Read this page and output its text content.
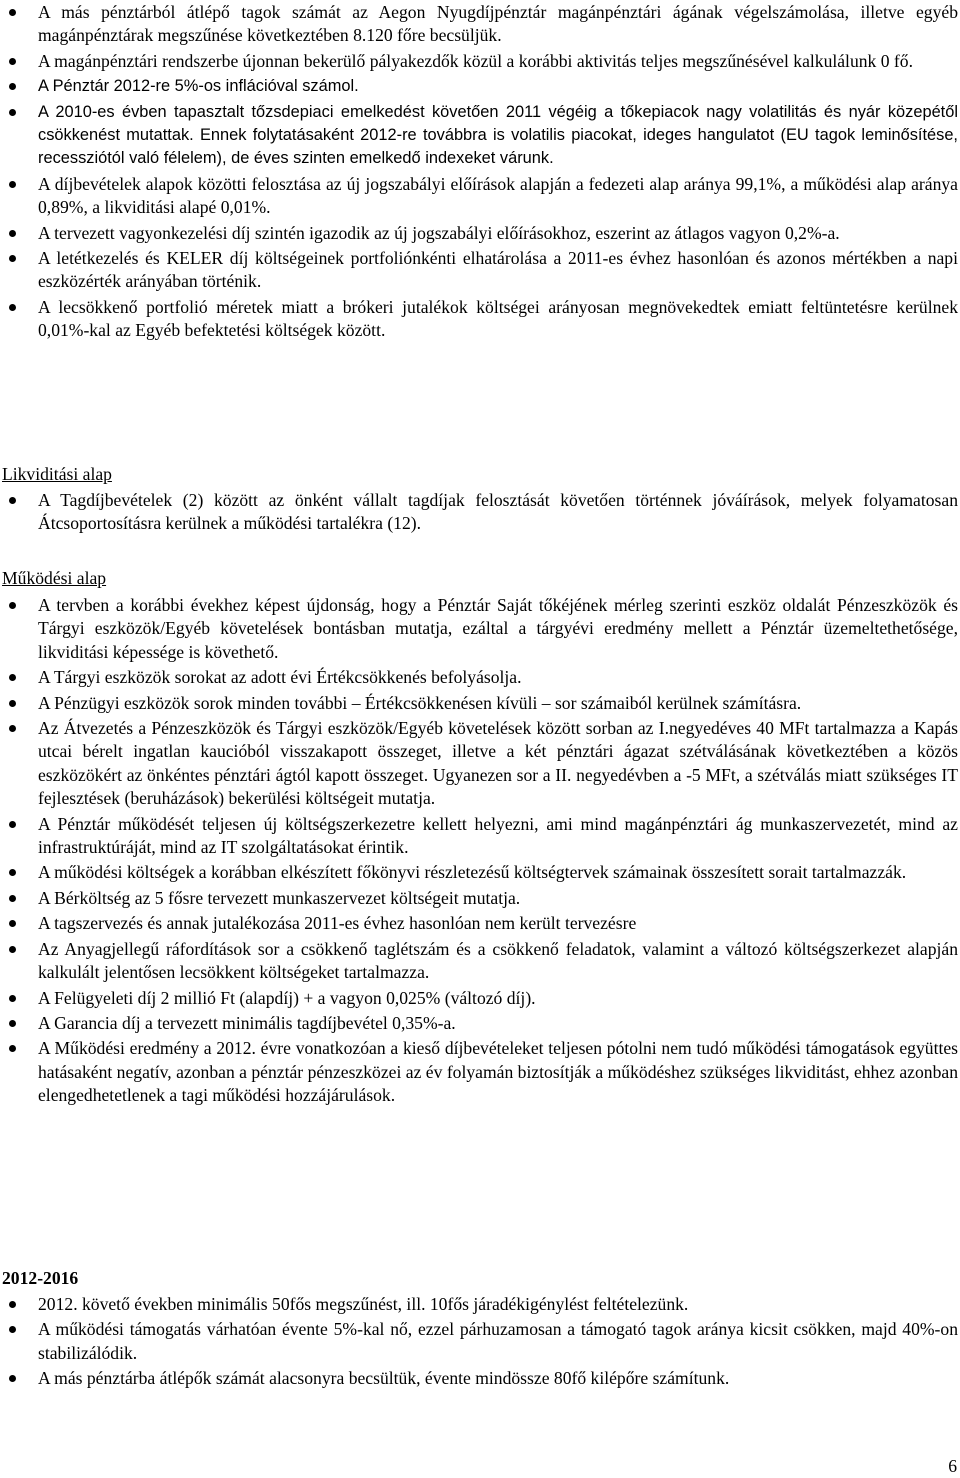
A más pénztárból átlépő tagok számát az Aegon Nyugdíjpénztár magánpénztári ágának végelszámolása, illetve egyéb magánpénztárak megszűnése következtében 8.120 főre becsüljük.
A magánpénztári rendszerbe újonnan bekerülő pályakezdők közül a korábbi aktivitás teljes megszűnésével kalkulálunk 0 fő.
A Pénztár 2012-re 5%-os inflációval számol.
A 2010-es évben tapasztalt tőzsdepiaci emelkedést követően 2011 végéig a tőkepiacok nagy volatilitás és nyár közepétől csökkenést mutattak. Ennek folytatásaként 2012-re továbbra is volatilis piacokat, ideges hangulatot (EU tagok leminősítése, recessziótól való félelem), de éves szinten emelkedő indexeket várunk.
A díjbevételek alapok közötti felosztása az új jogszabályi előírások alapján a fedezeti alap aránya 99,1%, a működési alap aránya 0,89%, a likviditási alapé 0,01%.
A tervezett vagyonkezelési díj szintén igazodik az új jogszabályi előírásokhoz, eszerint az átlagos vagyon 0,2%-a.
A letétkezelés és KELER díj költségeinek portfoliónkénti elhatárolása a 2011-es évhez hasonlóan és azonos mértékben a napi eszközérték arányában történik.
A lecsökkenő portfolió méretek miatt a brókeri jutalékok költségei arányosan megnövekedtek emiatt feltüntetésre kerülnek 0,01%-kal az Egyéb befektetési költségek között.
Likviditási alap
A Tagdíjbevételek (2) között az önként vállalt tagdíjak felosztását követően történnek jóváírások, melyek folyamatosan Átcsoportosításra kerülnek a működési tartalékra (12).
Működési alap
A tervben a korábbi évekhez képest újdonság, hogy a Pénztár Saját tőkéjének mérleg szerinti eszköz oldalát Pénzeszközök és Tárgyi eszközök/Egyéb követelések bontásban mutatja, ezáltal a tárgyévi eredmény mellett a Pénztár üzemeltethetősége, likviditási képessége is követhető.
A Tárgyi eszközök sorokat az adott évi Értékcsökkenés befolyásolja.
A Pénzügyi eszközök sorok minden további – Értékcsökkenésen kívüli – sor számaiból kerülnek számításra.
Az Átvezetés a Pénzeszközök és Tárgyi eszközök/Egyéb követelések között sorban az I.negyedéves 40 MFt tartalmazza a Kapás utcai bérelt ingatlan kaucióból visszakapott összeget, illetve a két pénztári ágazat szétválásának következtében a közös eszközökért az önkéntes pénztári ágtól kapott összeget. Ugyanezen sor a II. negyedévben a -5 MFt, a szétválás miatt szükséges IT fejlesztések (beruházások) bekerülési költségeit mutatja.
A Pénztár működését teljesen új költségszerkezetre kellett helyezni, ami mind magánpénztári ág munkaszervezetét, mind az infrastruktúráját, mind az IT szolgáltatásokat érintik.
A működési költségek a korábban elkészített főkönyvi részletezésű költségtervek számainak összesített sorait tartalmazzák.
A Bérköltség az 5 fősre tervezett munkaszervezet költségeit mutatja.
A tagszervezés és annak jutalékozása 2011-es évhez hasonlóan nem került tervezésre
Az Anyagjellegű ráfordítások sor a csökkenő taglétszám és a csökkenő feladatok, valamint a változó költségszerkezet alapján kalkulált jelentősen lecsökkent költségeket tartalmazza.
A Felügyeleti díj 2 millió Ft (alapdíj) + a vagyon 0,025% (változó díj).
A Garancia díj a tervezett minimális tagdíjbevétel 0,35%-a.
A Működési eredmény a 2012. évre vonatkozóan a kieső díjbevételeket teljesen pótolni nem tudó működési támogatások együttes hatásaként negatív, azonban a pénztár pénzeszközei az év folyamán biztosítják a működéshez szükséges likviditást, ehhez azonban elengedhetetlenek a tagi működési hozzájárulások.
2012-2016
2012. követő években minimális 50fős megszűnést, ill. 10fős járadékigénylést feltételezünk.
A működési támogatás várhatóan évente 5%-kal nő, ezzel párhuzamosan a támogató tagok aránya kicsit csökken, majd 40%-on stabilizálódik.
A más pénztárba átlépők számát alacsonyra becsültük, évente mindössze 80fő kilépőre számítunk.
6
